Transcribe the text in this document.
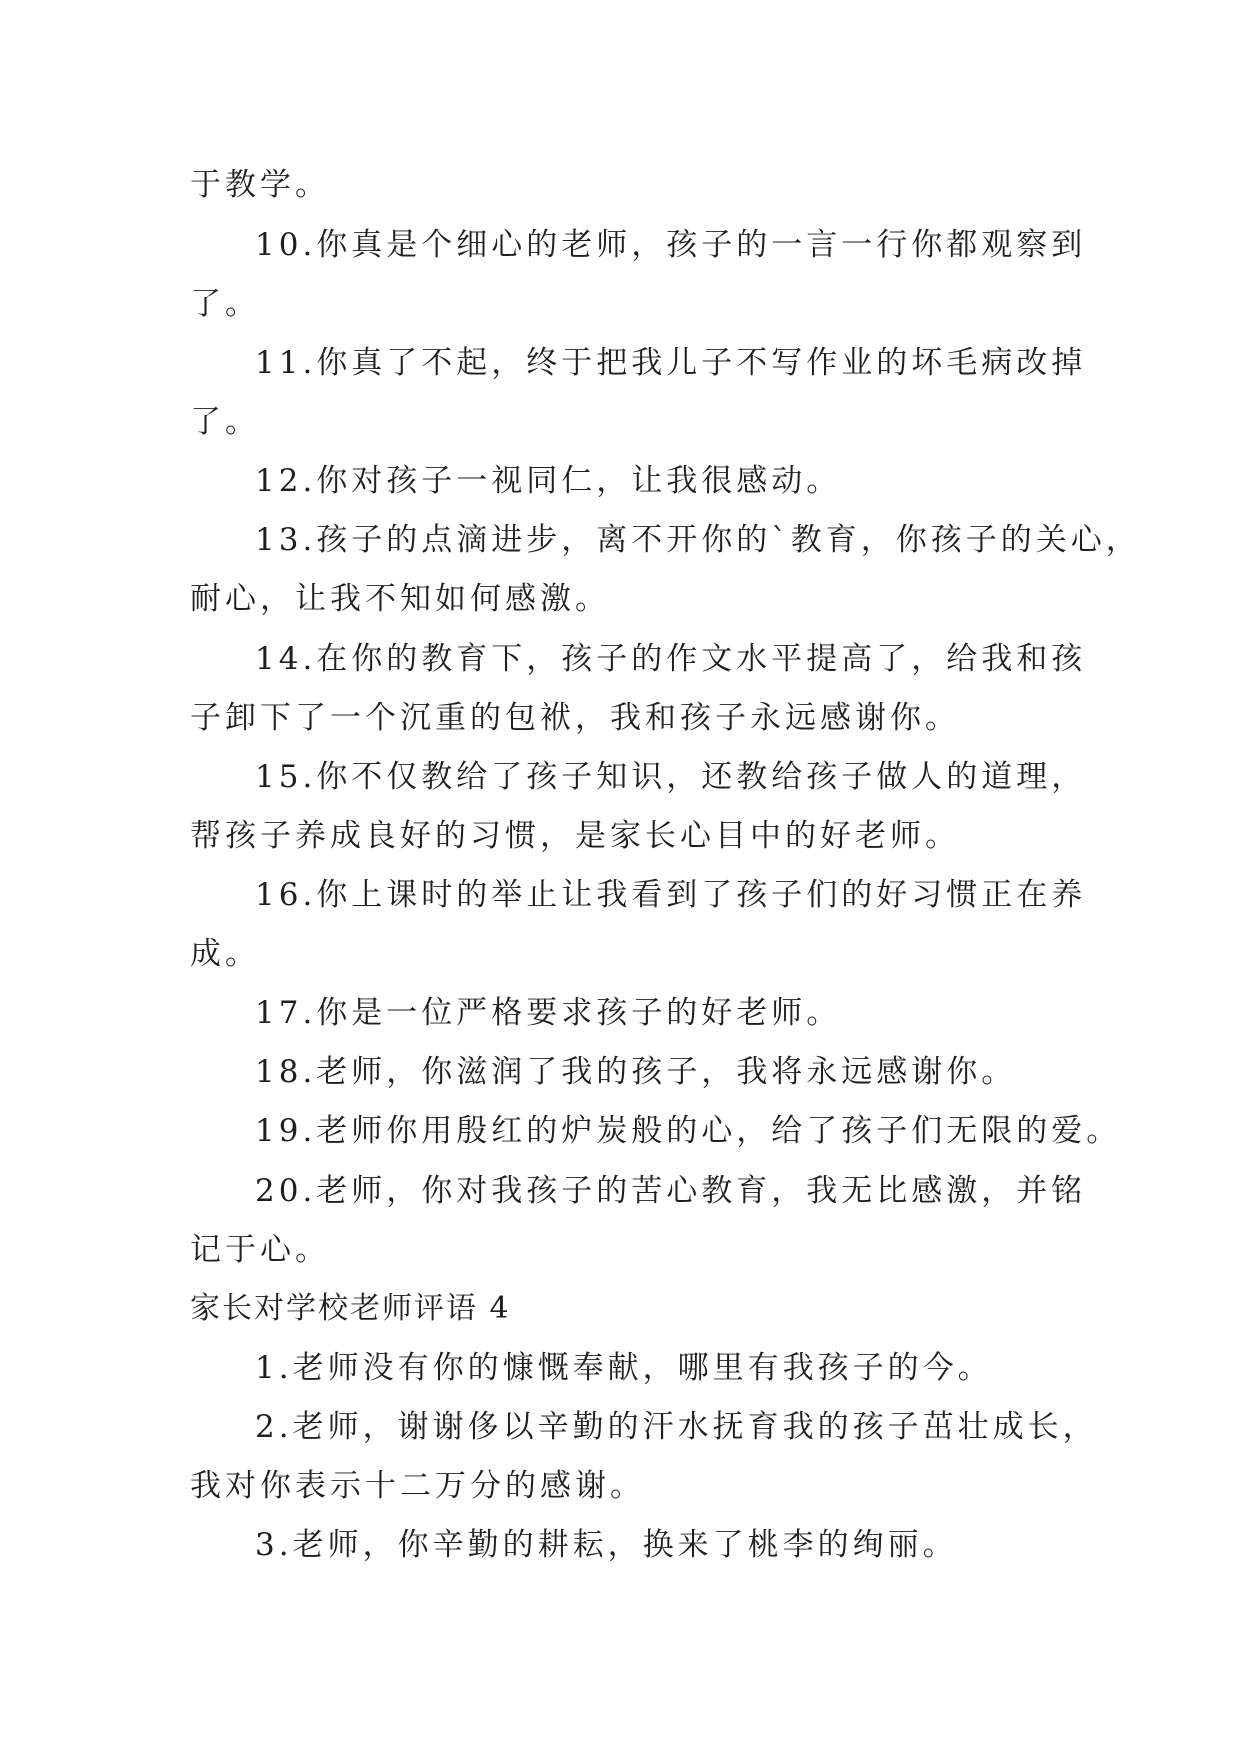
于教学。
10.你真是个细心的老师，孩子的一言一行你都观察到
了。
11.你真了不起，终于把我儿子不写作业的坏毛病改掉
了。
12.你对孩子一视同仁，让我很感动。
13.孩子的点滴进步，离不开你的`教育，你孩子的关心，
耐心，让我不知如何感激。
14.在你的教育下，孩子的作文水平提高了，给我和孩
子卸下了一个沉重的包袱，我和孩子永远感谢你。
15.你不仅教给了孩子知识，还教给孩子做人的道理，
帮孩子养成良好的习惯，是家长心目中的好老师。
16.你上课时的举止让我看到了孩子们的好习惯正在养
成。
17.你是一位严格要求孩子的好老师。
18.老师，你滋润了我的孩子，我将永远感谢你。
19.老师你用殷红的炉炭般的心，给了孩子们无限的爱。
20.老师，你对我孩子的苦心教育，我无比感激，并铭
记于心。
家长对学校老师评语 4
1.老师没有你的慷慨奉献，哪里有我孩子的今。
2.老师，谢谢侈以辛勤的汗水抚育我的孩子茁壮成长，
我对你表示十二万分的感谢。
3.老师，你辛勤的耕耘，换来了桃李的绚丽。
